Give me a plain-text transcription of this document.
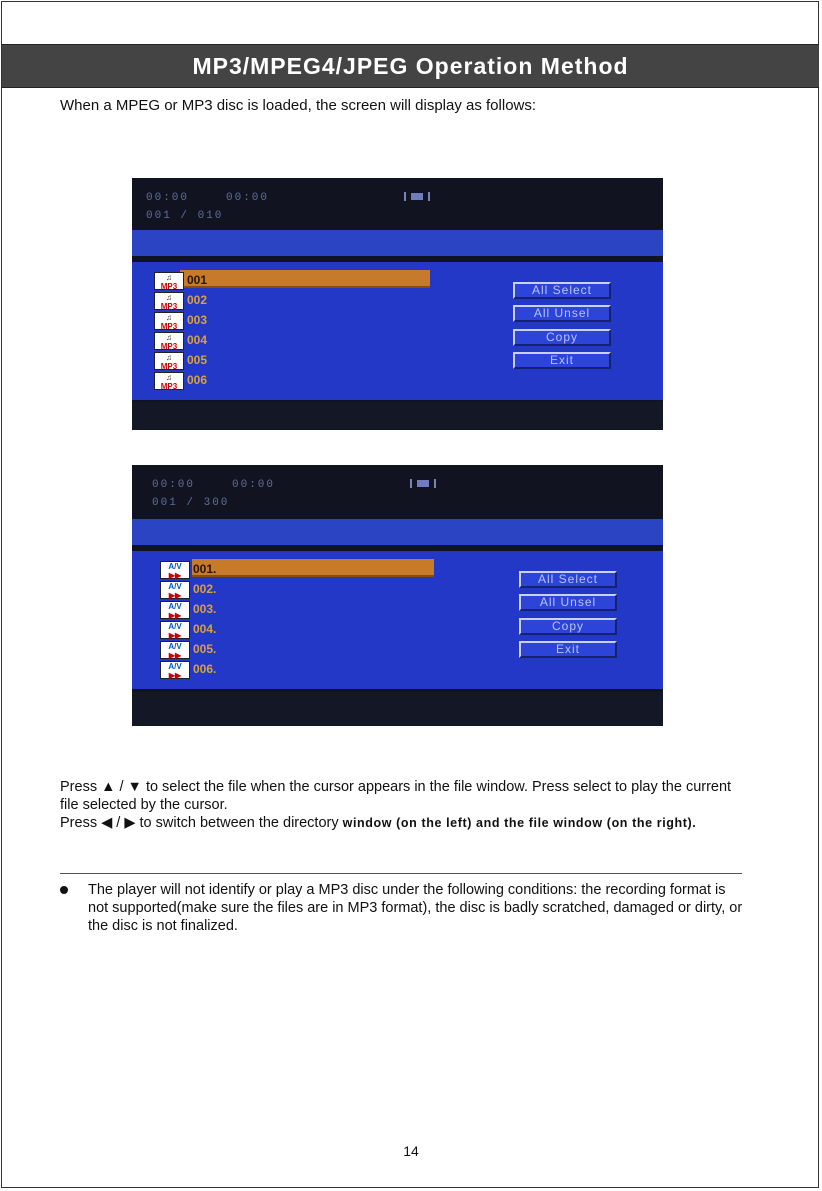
MP3/MPEG4/JPEG Operation Method
When a MPEG or MP3 disc is loaded, the screen will display as follows:
00:00	00:00
001 / 010
♫
MP3 001
♫
MP3 002
♫
MP3 003
♫
MP3 004
♫
MP3 005
♫
MP3 006
All Select
All Unsel
Copy
Exit
00:00	00:00
001 / 300
A/V
▶▶ 001.
A/V
▶▶ 002.
A/V
▶▶ 003.
A/V
▶▶ 004.
A/V
▶▶ 005.
A/V
▶▶ 006.
All Select
All Unsel
Copy
Exit
Press ▲ / ▼ to select the file when the cursor appears in the file window. Press select to play the current file selected by the cursor.
Press ◀ / ▶ to switch between the directory window (on the left) and the file window (on the right).
The player will not identify or play a MP3 disc under the following conditions: the recording format is not supported(make sure the files are in MP3 format), the disc is badly scratched, damaged or dirty, or the disc is not finalized.
14
